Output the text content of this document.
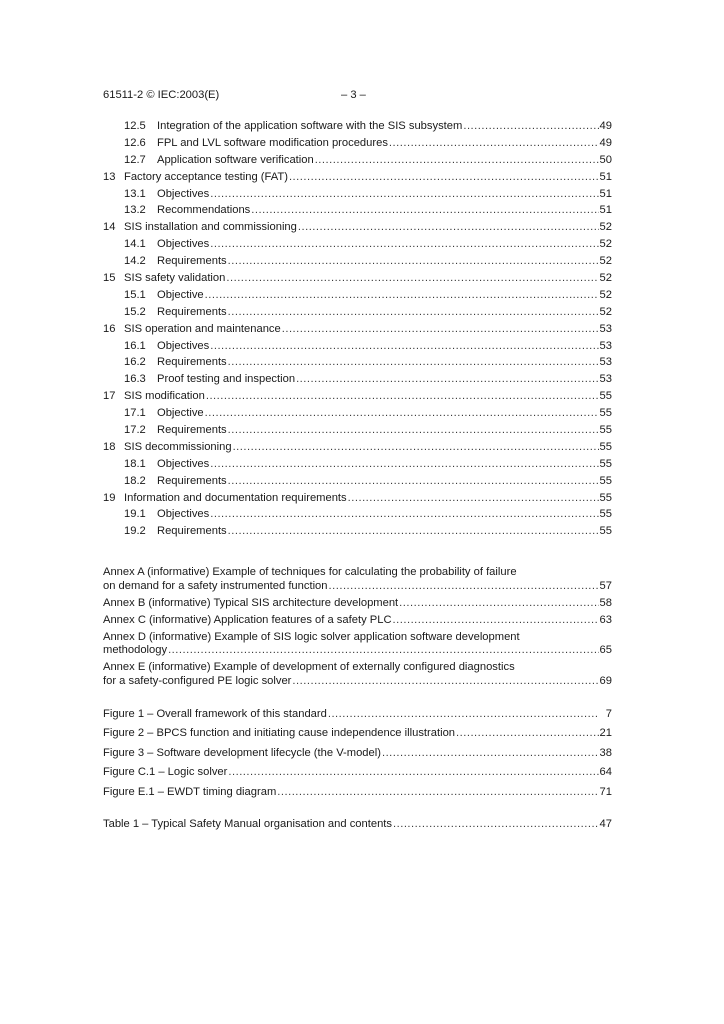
61511-2 © IEC:2003(E)	– 3 –
12.5	Integration of the application software with the SIS subsystem .....	49
12.6	FPL and LVL software modification procedures .....	49
12.7	Application software verification .....	50
13 Factory acceptance testing (FAT) .....	51
13.1	Objectives .....	51
13.2	Recommendations .....	51
14 SIS installation and commissioning .....	52
14.1	Objectives .....	52
14.2	Requirements .....	52
15 SIS safety validation .....	52
15.1	Objective .....	52
15.2	Requirements .....	52
16 SIS operation and maintenance .....	53
16.1	Objectives .....	53
16.2	Requirements .....	53
16.3	Proof testing and inspection .....	53
17 SIS modification .....	55
17.1	Objective .....	55
17.2	Requirements .....	55
18 SIS decommissioning .....	55
18.1	Objectives .....	55
18.2	Requirements .....	55
19 Information and documentation requirements .....	55
19.1	Objectives .....	55
19.2	Requirements .....	55
Annex A (informative) Example of techniques for calculating the probability of failure
on demand for a safety instrumented function .....	57
Annex B (informative) Typical SIS architecture development .....	58
Annex C (informative) Application features of a safety PLC .....	63
Annex D (informative) Example of SIS logic solver application software development
methodology .....	65
Annex E (informative) Example of development of externally configured diagnostics
for a safety-configured PE logic solver .....	69
Figure 1 – Overall framework of this standard .....	7
Figure 2 – BPCS function and initiating cause independence illustration .....	21
Figure 3 – Software development lifecycle (the V-model) .....	38
Figure C.1 – Logic solver .....	64
Figure E.1 – EWDT timing diagram .....	71
Table 1 – Typical Safety Manual organisation and contents .....	47
